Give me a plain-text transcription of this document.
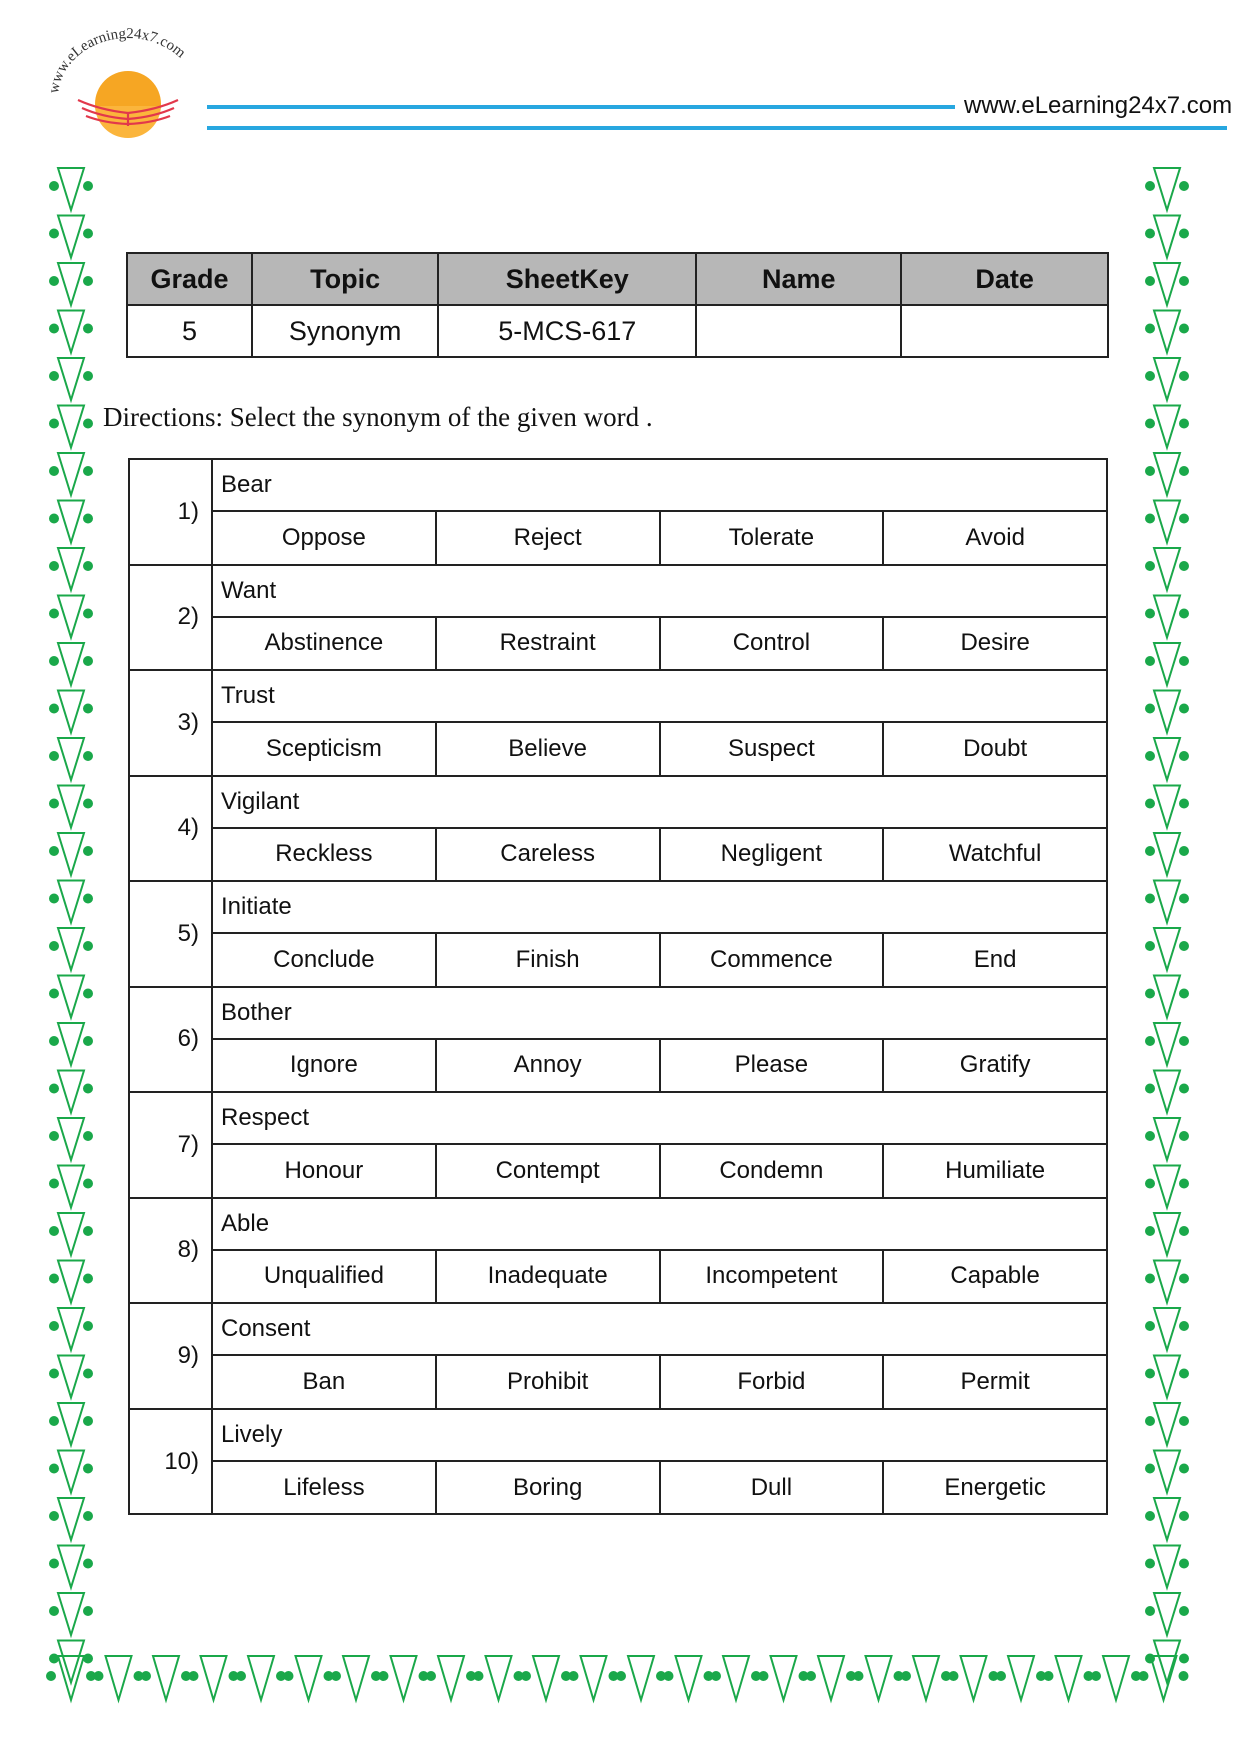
www.eLearning24x7.com
www.eLearning24x7.com
Grade	Topic	SheetKey	Name	Date
5	Synonym	5-MCS-617		
Directions: Select the synonym of the given word .
1)
Bear
Oppose	Reject	Tolerate	Avoid
2)
Want
Abstinence	Restraint	Control	Desire
3)
Trust
Scepticism	Believe	Suspect	Doubt
4)
Vigilant
Reckless	Careless	Negligent	Watchful
5)
Initiate
Conclude	Finish	Commence	End
6)
Bother
Ignore	Annoy	Please	Gratify
7)
Respect
Honour	Contempt	Condemn	Humiliate
8)
Able
Unqualified	Inadequate	Incompetent	Capable
9)
Consent
Ban	Prohibit	Forbid	Permit
10)
Lively
Lifeless	Boring	Dull	Energetic
